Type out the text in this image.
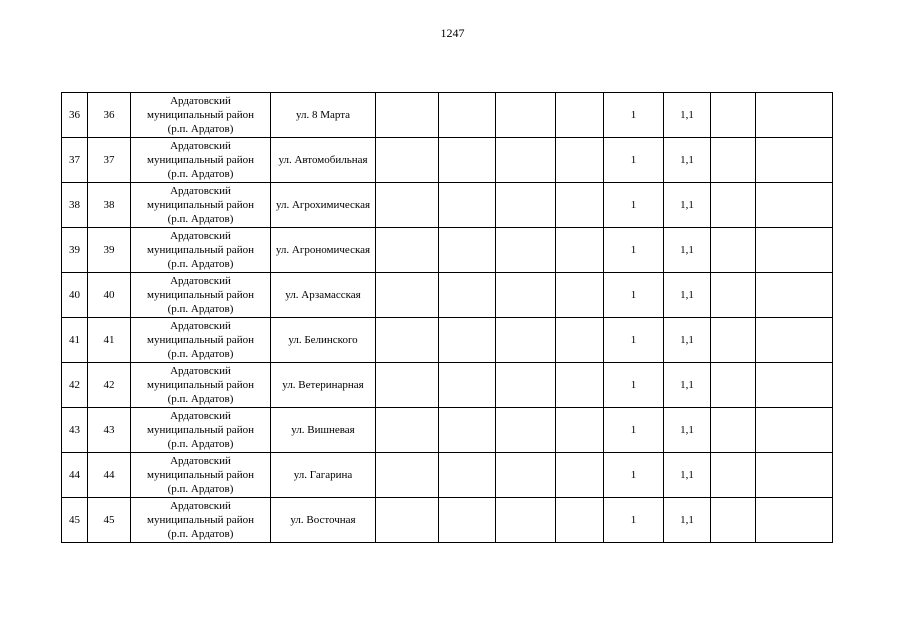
1247
36	36	Ардатовский
муниципальный район
(р.п. Ардатов)	ул. 8 Марта					1	1,1		
37	37	Ардатовский
муниципальный район
(р.п. Ардатов)	ул. Автомобильная					1	1,1		
38	38	Ардатовский
муниципальный район
(р.п. Ардатов)	ул. Агрохимическая					1	1,1		
39	39	Ардатовский
муниципальный район
(р.п. Ардатов)	ул. Агрономическая					1	1,1		
40	40	Ардатовский
муниципальный район
(р.п. Ардатов)	ул. Арзамасская					1	1,1		
41	41	Ардатовский
муниципальный район
(р.п. Ардатов)	ул. Белинского					1	1,1		
42	42	Ардатовский
муниципальный район
(р.п. Ардатов)	ул. Ветеринарная					1	1,1		
43	43	Ардатовский
муниципальный район
(р.п. Ардатов)	ул. Вишневая					1	1,1		
44	44	Ардатовский
муниципальный район
(р.п. Ардатов)	ул. Гагарина					1	1,1		
45	45	Ардатовский
муниципальный район
(р.п. Ардатов)	ул. Восточная					1	1,1		
